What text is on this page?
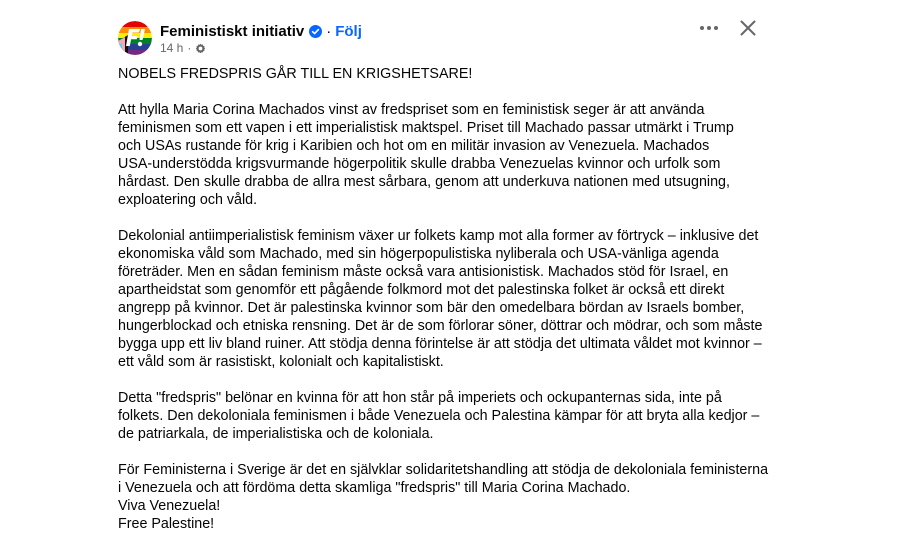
Feministiskt initiativ · Följ
14 h ·

NOBELS FREDSPRIS GÅR TILL EN KRIGSHETSARE!

Att hylla Maria Corina Machados vinst av fredspriset som en feministisk seger är att använda
feminismen som ett vapen i ett imperialistisk maktspel. Priset till Machado passar utmärkt i Trump
och USAs rustande för krig i Karibien och hot om en militär invasion av Venezuela. Machados
USA-understödda krigsvurmande högerpolitik skulle drabba Venezuelas kvinnor och urfolk som
hårdast. Den skulle drabba de allra mest sårbara, genom att underkuva nationen med utsugning,
exploatering och våld.

Dekolonial antiimperialistisk feminism växer ur folkets kamp mot alla former av förtryck – inklusive det
ekonomiska våld som Machado, med sin högerpopulistiska nyliberala och USA-vänliga agenda
företräder. Men en sådan feminism måste också vara antisionistisk. Machados stöd för Israel, en
apartheidstat som genomför ett pågående folkmord mot det palestinska folket är också ett direkt
angrepp på kvinnor. Det är palestinska kvinnor som bär den omedelbara bördan av Israels bomber,
hungerblockad och etniska rensning. Det är de som förlorar söner, döttrar och mödrar, och som måste
bygga upp ett liv bland ruiner. Att stödja denna förintelse är att stödja det ultimata våldet mot kvinnor –
ett våld som är rasistiskt, kolonialt och kapitalistiskt.

Detta "fredspris" belönar en kvinna för att hon står på imperiets och ockupanternas sida, inte på
folkets. Den dekoloniala feminismen i både Venezuela och Palestina kämpar för att bryta alla kedjor –
de patriarkala, de imperialistiska och de koloniala.

För Feministerna i Sverige är det en självklar solidaritetshandling att stödja de dekoloniala feministerna
i Venezuela och att fördöma detta skamliga "fredspris" till Maria Corina Machado.
Viva Venezuela!
Free Palestine!
